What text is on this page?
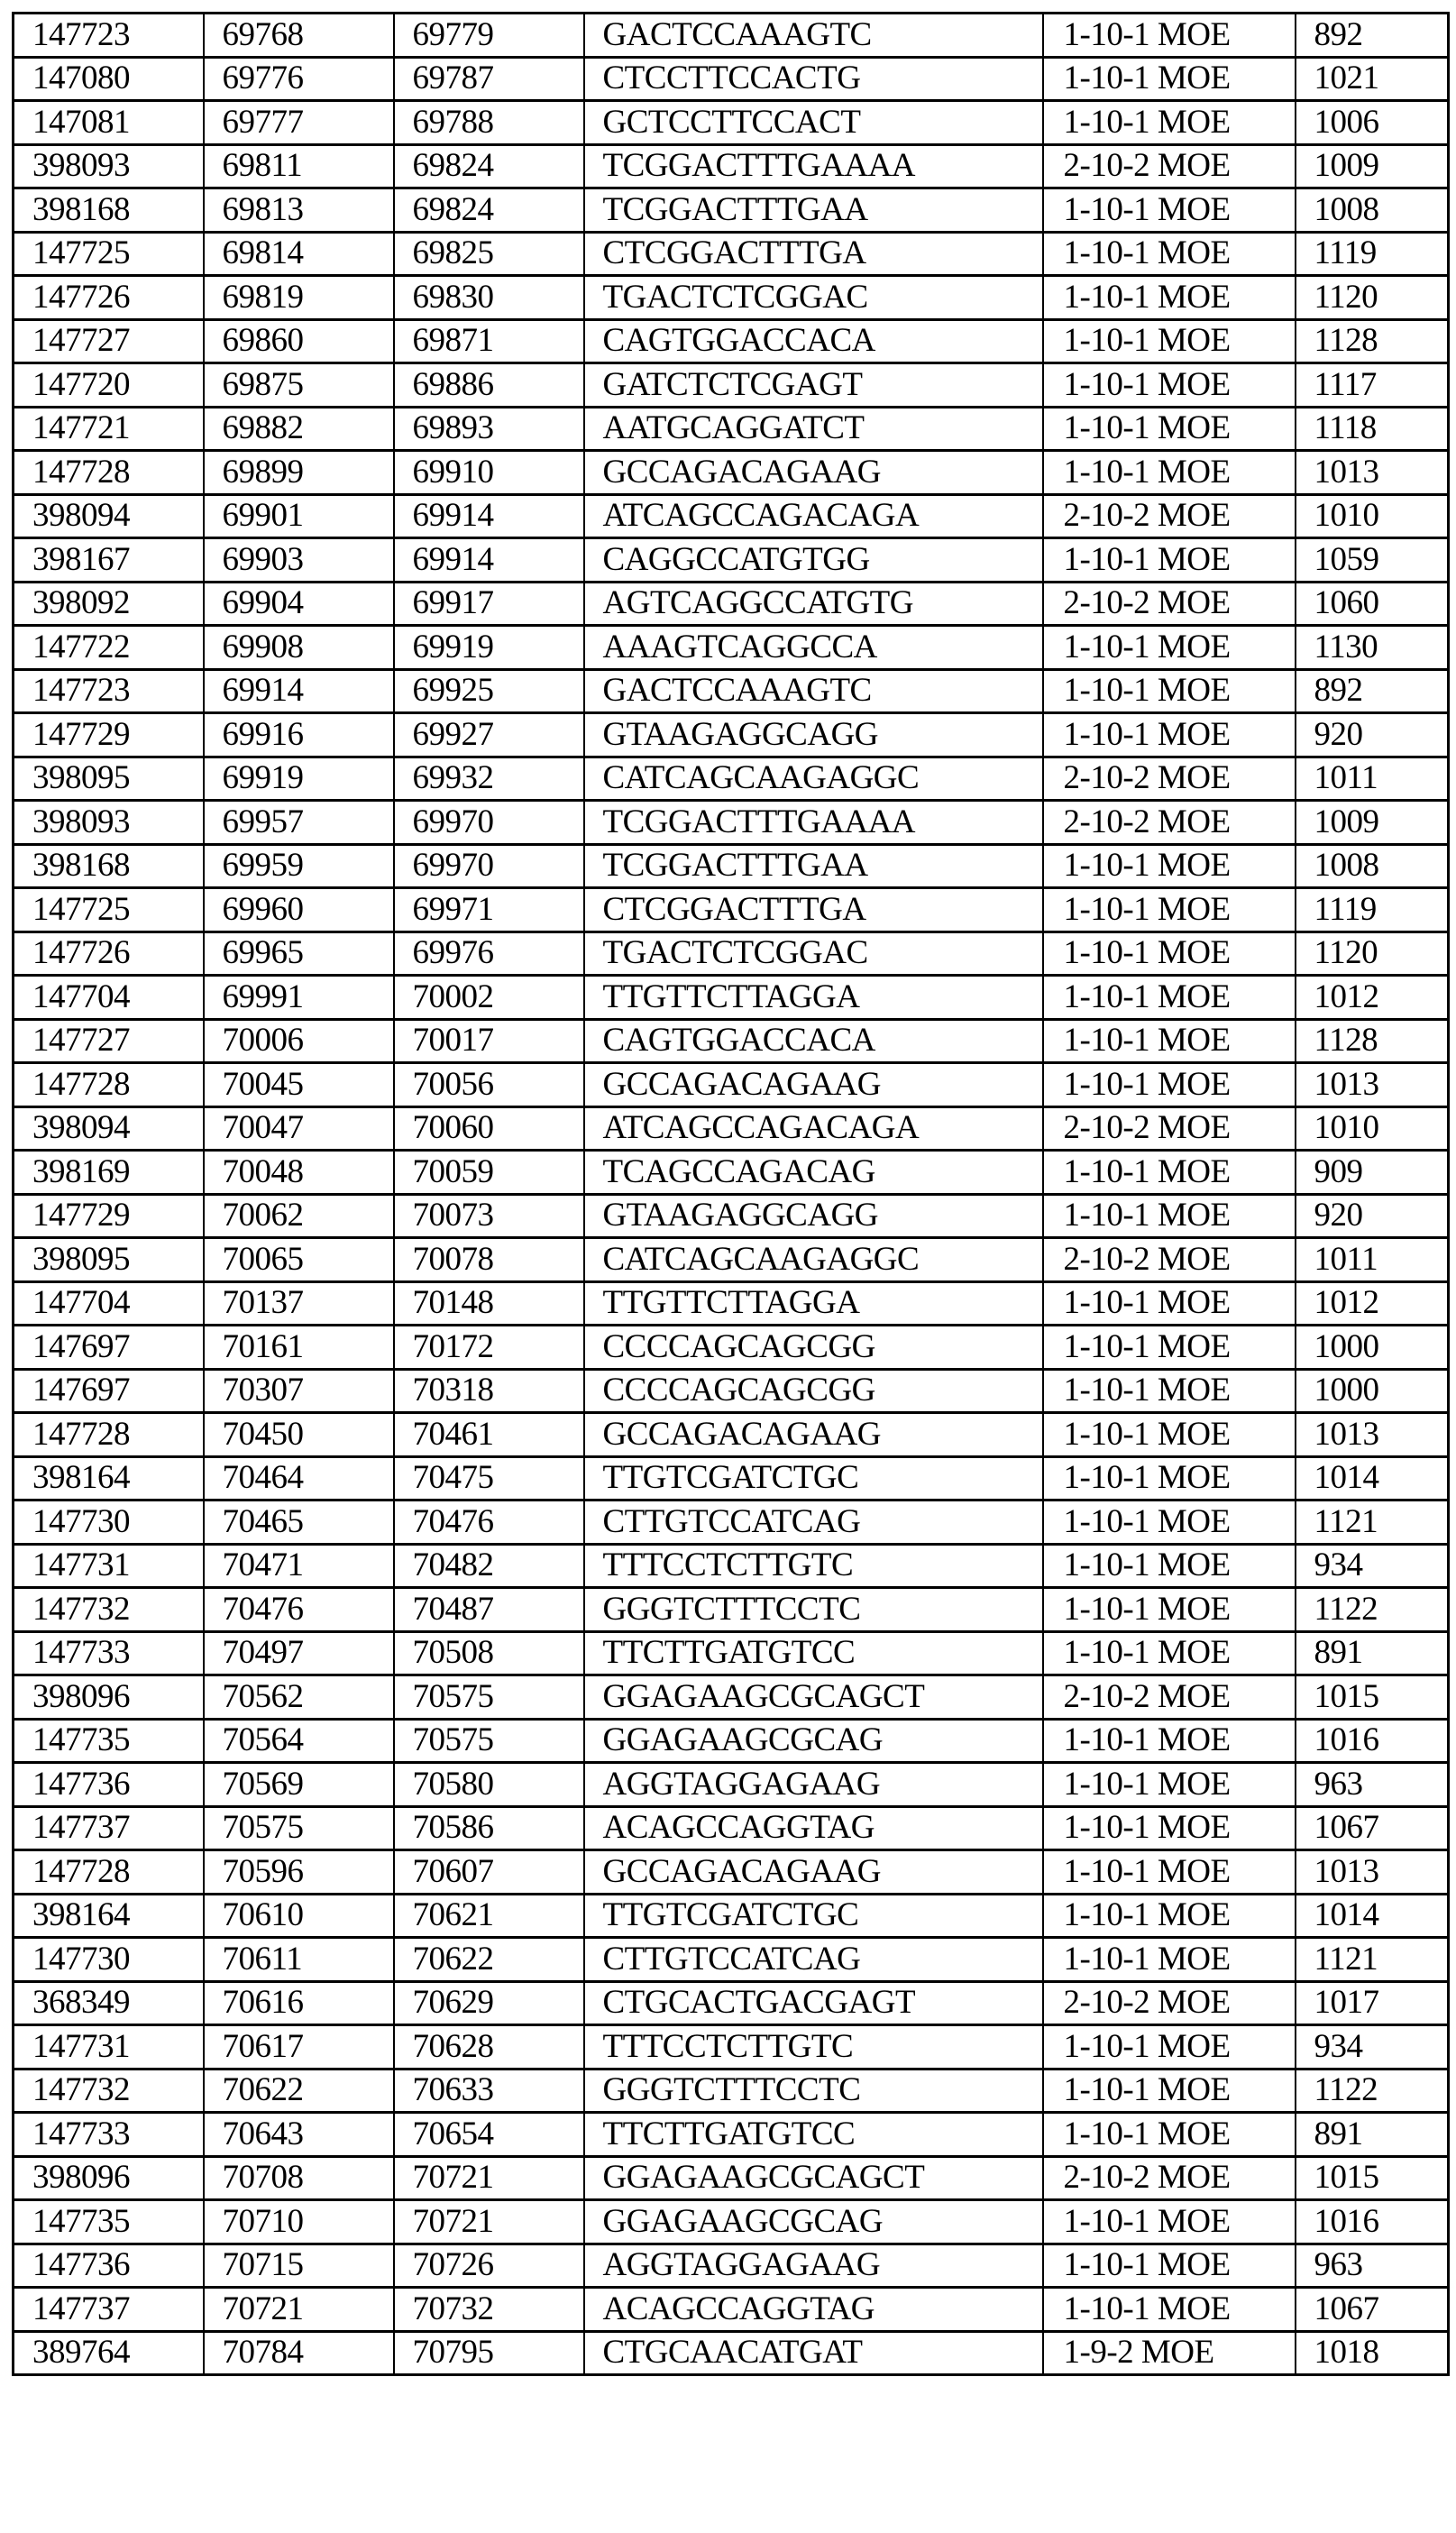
147723	69768	69779	GACTCCAAAGTC	1-10-1 MOE	892
147080	69776	69787	CTCCTTCCACTG	1-10-1 MOE	1021
147081	69777	69788	GCTCCTTCCACT	1-10-1 MOE	1006
398093	69811	69824	TCGGACTTTGAAAA	2-10-2 MOE	1009
398168	69813	69824	TCGGACTTTGAA	1-10-1 MOE	1008
147725	69814	69825	CTCGGACTTTGA	1-10-1 MOE	1119
147726	69819	69830	TGACTCTCGGAC	1-10-1 MOE	1120
147727	69860	69871	CAGTGGACCACA	1-10-1 MOE	1128
147720	69875	69886	GATCTCTCGAGT	1-10-1 MOE	1117
147721	69882	69893	AATGCAGGATCT	1-10-1 MOE	1118
147728	69899	69910	GCCAGACAGAAG	1-10-1 MOE	1013
398094	69901	69914	ATCAGCCAGACAGA	2-10-2 MOE	1010
398167	69903	69914	CAGGCCATGTGG	1-10-1 MOE	1059
398092	69904	69917	AGTCAGGCCATGTG	2-10-2 MOE	1060
147722	69908	69919	AAAGTCAGGCCA	1-10-1 MOE	1130
147723	69914	69925	GACTCCAAAGTC	1-10-1 MOE	892
147729	69916	69927	GTAAGAGGCAGG	1-10-1 MOE	920
398095	69919	69932	CATCAGCAAGAGGC	2-10-2 MOE	1011
398093	69957	69970	TCGGACTTTGAAAA	2-10-2 MOE	1009
398168	69959	69970	TCGGACTTTGAA	1-10-1 MOE	1008
147725	69960	69971	CTCGGACTTTGA	1-10-1 MOE	1119
147726	69965	69976	TGACTCTCGGAC	1-10-1 MOE	1120
147704	69991	70002	TTGTTCTTAGGA	1-10-1 MOE	1012
147727	70006	70017	CAGTGGACCACA	1-10-1 MOE	1128
147728	70045	70056	GCCAGACAGAAG	1-10-1 MOE	1013
398094	70047	70060	ATCAGCCAGACAGA	2-10-2 MOE	1010
398169	70048	70059	TCAGCCAGACAG	1-10-1 MOE	909
147729	70062	70073	GTAAGAGGCAGG	1-10-1 MOE	920
398095	70065	70078	CATCAGCAAGAGGC	2-10-2 MOE	1011
147704	70137	70148	TTGTTCTTAGGA	1-10-1 MOE	1012
147697	70161	70172	CCCCAGCAGCGG	1-10-1 MOE	1000
147697	70307	70318	CCCCAGCAGCGG	1-10-1 MOE	1000
147728	70450	70461	GCCAGACAGAAG	1-10-1 MOE	1013
398164	70464	70475	TTGTCGATCTGC	1-10-1 MOE	1014
147730	70465	70476	CTTGTCCATCAG	1-10-1 MOE	1121
147731	70471	70482	TTTCCTCTTGTC	1-10-1 MOE	934
147732	70476	70487	GGGTCTTTCCTC	1-10-1 MOE	1122
147733	70497	70508	TTCTTGATGTCC	1-10-1 MOE	891
398096	70562	70575	GGAGAAGCGCAGCT	2-10-2 MOE	1015
147735	70564	70575	GGAGAAGCGCAG	1-10-1 MOE	1016
147736	70569	70580	AGGTAGGAGAAG	1-10-1 MOE	963
147737	70575	70586	ACAGCCAGGTAG	1-10-1 MOE	1067
147728	70596	70607	GCCAGACAGAAG	1-10-1 MOE	1013
398164	70610	70621	TTGTCGATCTGC	1-10-1 MOE	1014
147730	70611	70622	CTTGTCCATCAG	1-10-1 MOE	1121
368349	70616	70629	CTGCACTGACGAGT	2-10-2 MOE	1017
147731	70617	70628	TTTCCTCTTGTC	1-10-1 MOE	934
147732	70622	70633	GGGTCTTTCCTC	1-10-1 MOE	1122
147733	70643	70654	TTCTTGATGTCC	1-10-1 MOE	891
398096	70708	70721	GGAGAAGCGCAGCT	2-10-2 MOE	1015
147735	70710	70721	GGAGAAGCGCAG	1-10-1 MOE	1016
147736	70715	70726	AGGTAGGAGAAG	1-10-1 MOE	963
147737	70721	70732	ACAGCCAGGTAG	1-10-1 MOE	1067
389764	70784	70795	CTGCAACATGAT	1-9-2 MOE	1018
